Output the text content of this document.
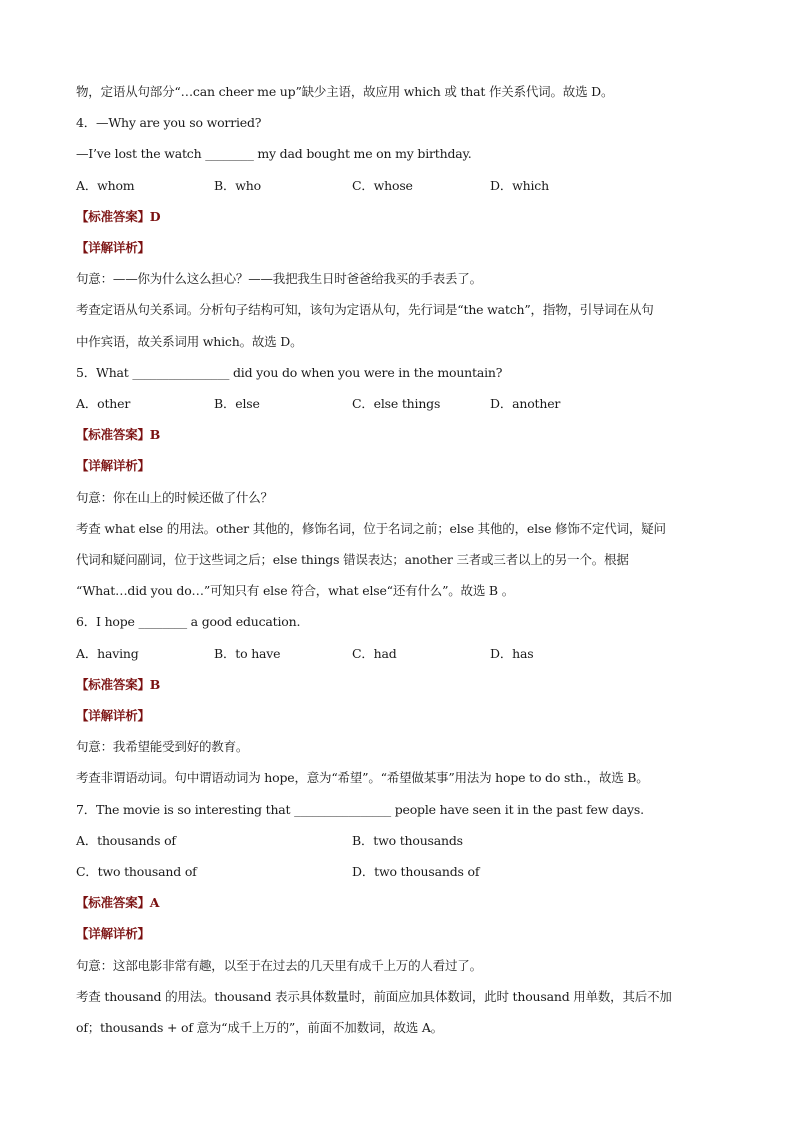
物，定语从句部分“…can cheer me up”缺少主语，故应用 which 或 that 作关系代词。故选 D。
4．—Why are you so worried?
—I’ve lost the watch ________ my dad bought me on my birthday.
A．whom	B．who	C．whose	D．which
【标准答案】D
【详解详析】
句意：——你为什么这么担心？——我把我生日时爸爸给我买的手表丢了。
考查定语从句关系词。分析句子结构可知，该句为定语从句，先行词是“the watch”，指物，引导词在从句
中作宾语，故关系词用 which。故选 D。
5．What ________________ did you do when you were in the mountain?
A．other	B．else	C．else things	D．another
【标准答案】B
【详解详析】
句意：你在山上的时候还做了什么？
考查 what else 的用法。other 其他的，修饰名词，位于名词之前；else 其他的，else 修饰不定代词，疑问
代词和疑问副词，位于这些词之后；else things 错误表达；another 三者或三者以上的另一个。根据
“What…did you do…”可知只有 else 符合，what else“还有什么”。故选 B 。
6．I hope ________ a good education.
A．having	B．to have	C．had	D．has
【标准答案】B
【详解详析】
句意：我希望能受到好的教育。
考查非谓语动词。句中谓语动词为 hope，意为“希望”。“希望做某事”用法为 hope to do sth.，故选 B。
7．The movie is so interesting that ________________ people have seen it in the past few days.
A．thousands of	B．two thousands
C．two thousand of	D．two thousands of
【标准答案】A
【详解详析】
句意：这部电影非常有趣，以至于在过去的几天里有成千上万的人看过了。
考查 thousand 的用法。thousand 表示具体数量时，前面应加具体数词，此时 thousand 用单数，其后不加
of；thousands + of 意为“成千上万的”，前面不加数词，故选 A。
